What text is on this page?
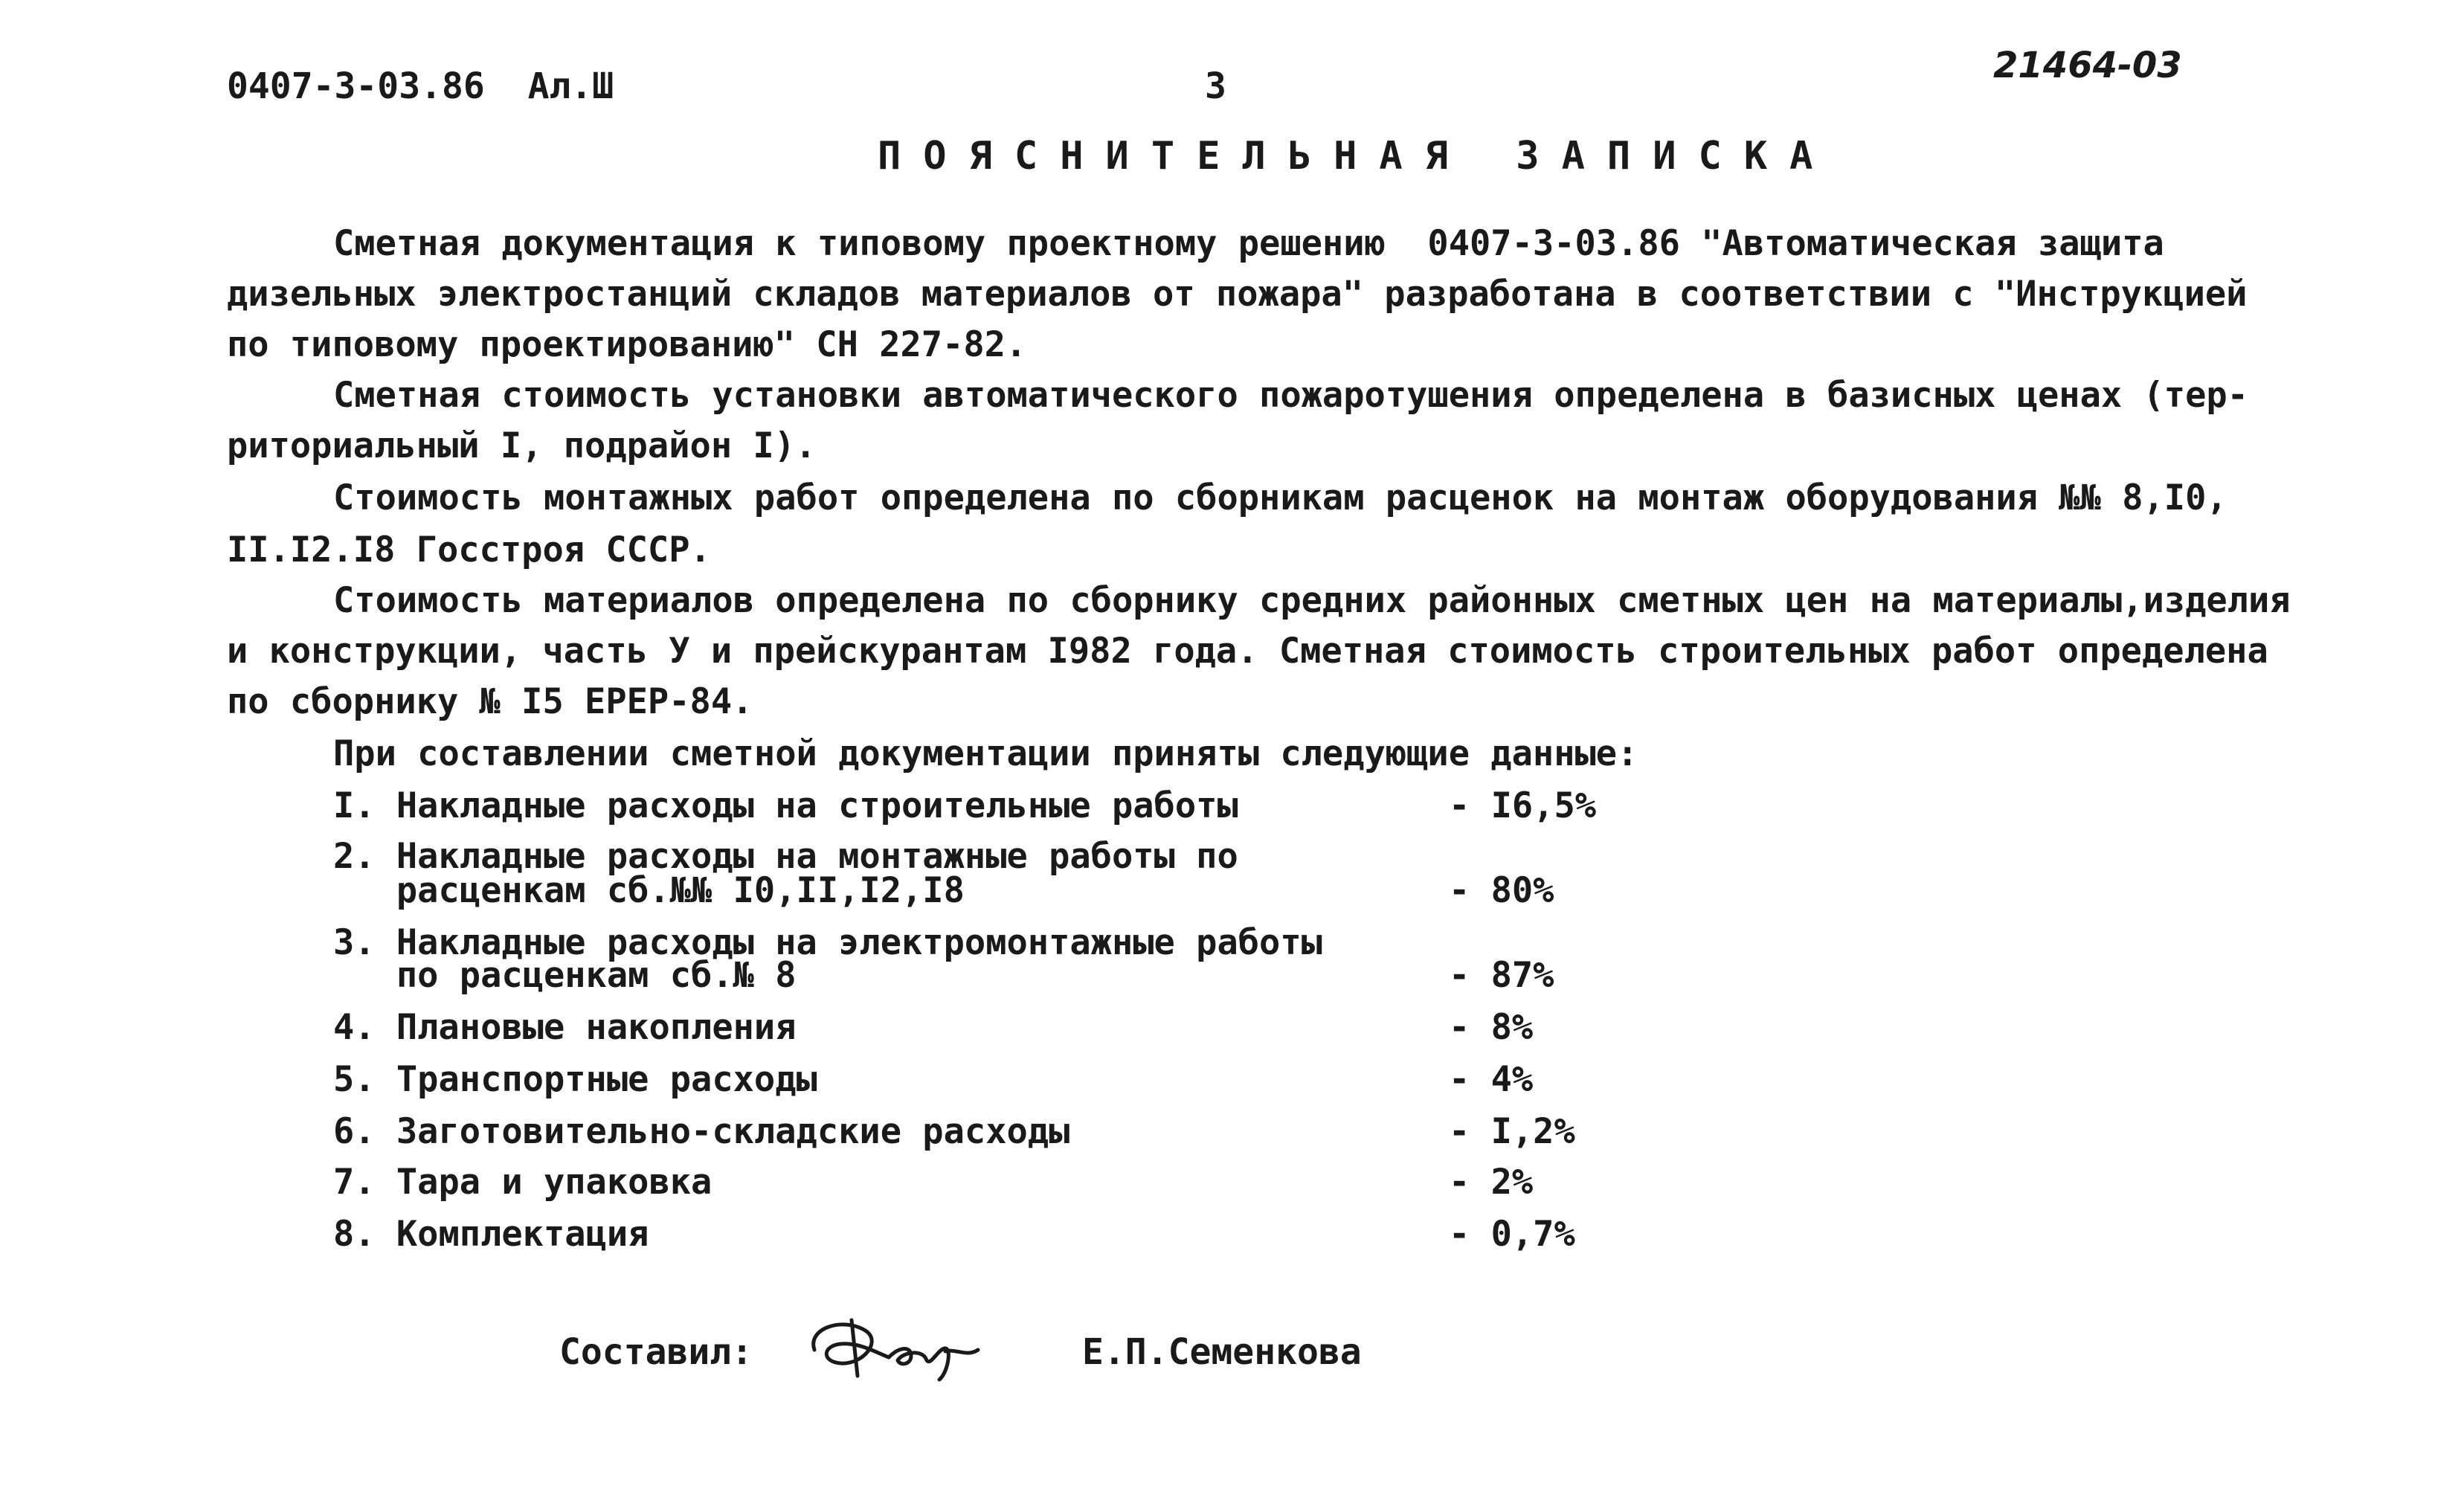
0407-3-03.86  Ал.Ш	3	21464-03
ПОЯСНИТЕЛЬНАЯ ЗАПИСКА
Сметная документация к типовому проектному решению  0407-3-03.86 "Автоматическая защита
дизельных электростанций складов материалов от пожара" разработана в соответствии с "Инструкцией
по типовому проектированию" СН 227-82.
Сметная стоимость установки автоматического пожаротушения определена в базисных ценах (тер-
риториальный I, подрайон I).
Стоимость монтажных работ определена по сборникам расценок на монтаж оборудования №№ 8,I0,
II.I2.I8 Госстроя СССР.
Стоимость материалов определена по сборнику средних районных сметных цен на материалы,изделия
и конструкции, часть У и прейскурантам I982 года. Сметная стоимость строительных работ определена
по сборнику № I5 ЕРЕР-84.
При составлении сметной документации приняты следующие данные:
I. Накладные расходы на строительные работы	- I6,5%
2. Накладные расходы на монтажные работы по
расценкам сб.№№ I0,II,I2,I8	- 80%
3. Накладные расходы на электромонтажные работы
по расценкам сб.№ 8	- 87%
4. Плановые накопления	- 8%
5. Транспортные расходы	- 4%
6. Заготовительно-складские расходы	- I,2%
7. Тара и упаковка	- 2%
8. Комплектация	- 0,7%
Составил:	Е.П.Семенкова
